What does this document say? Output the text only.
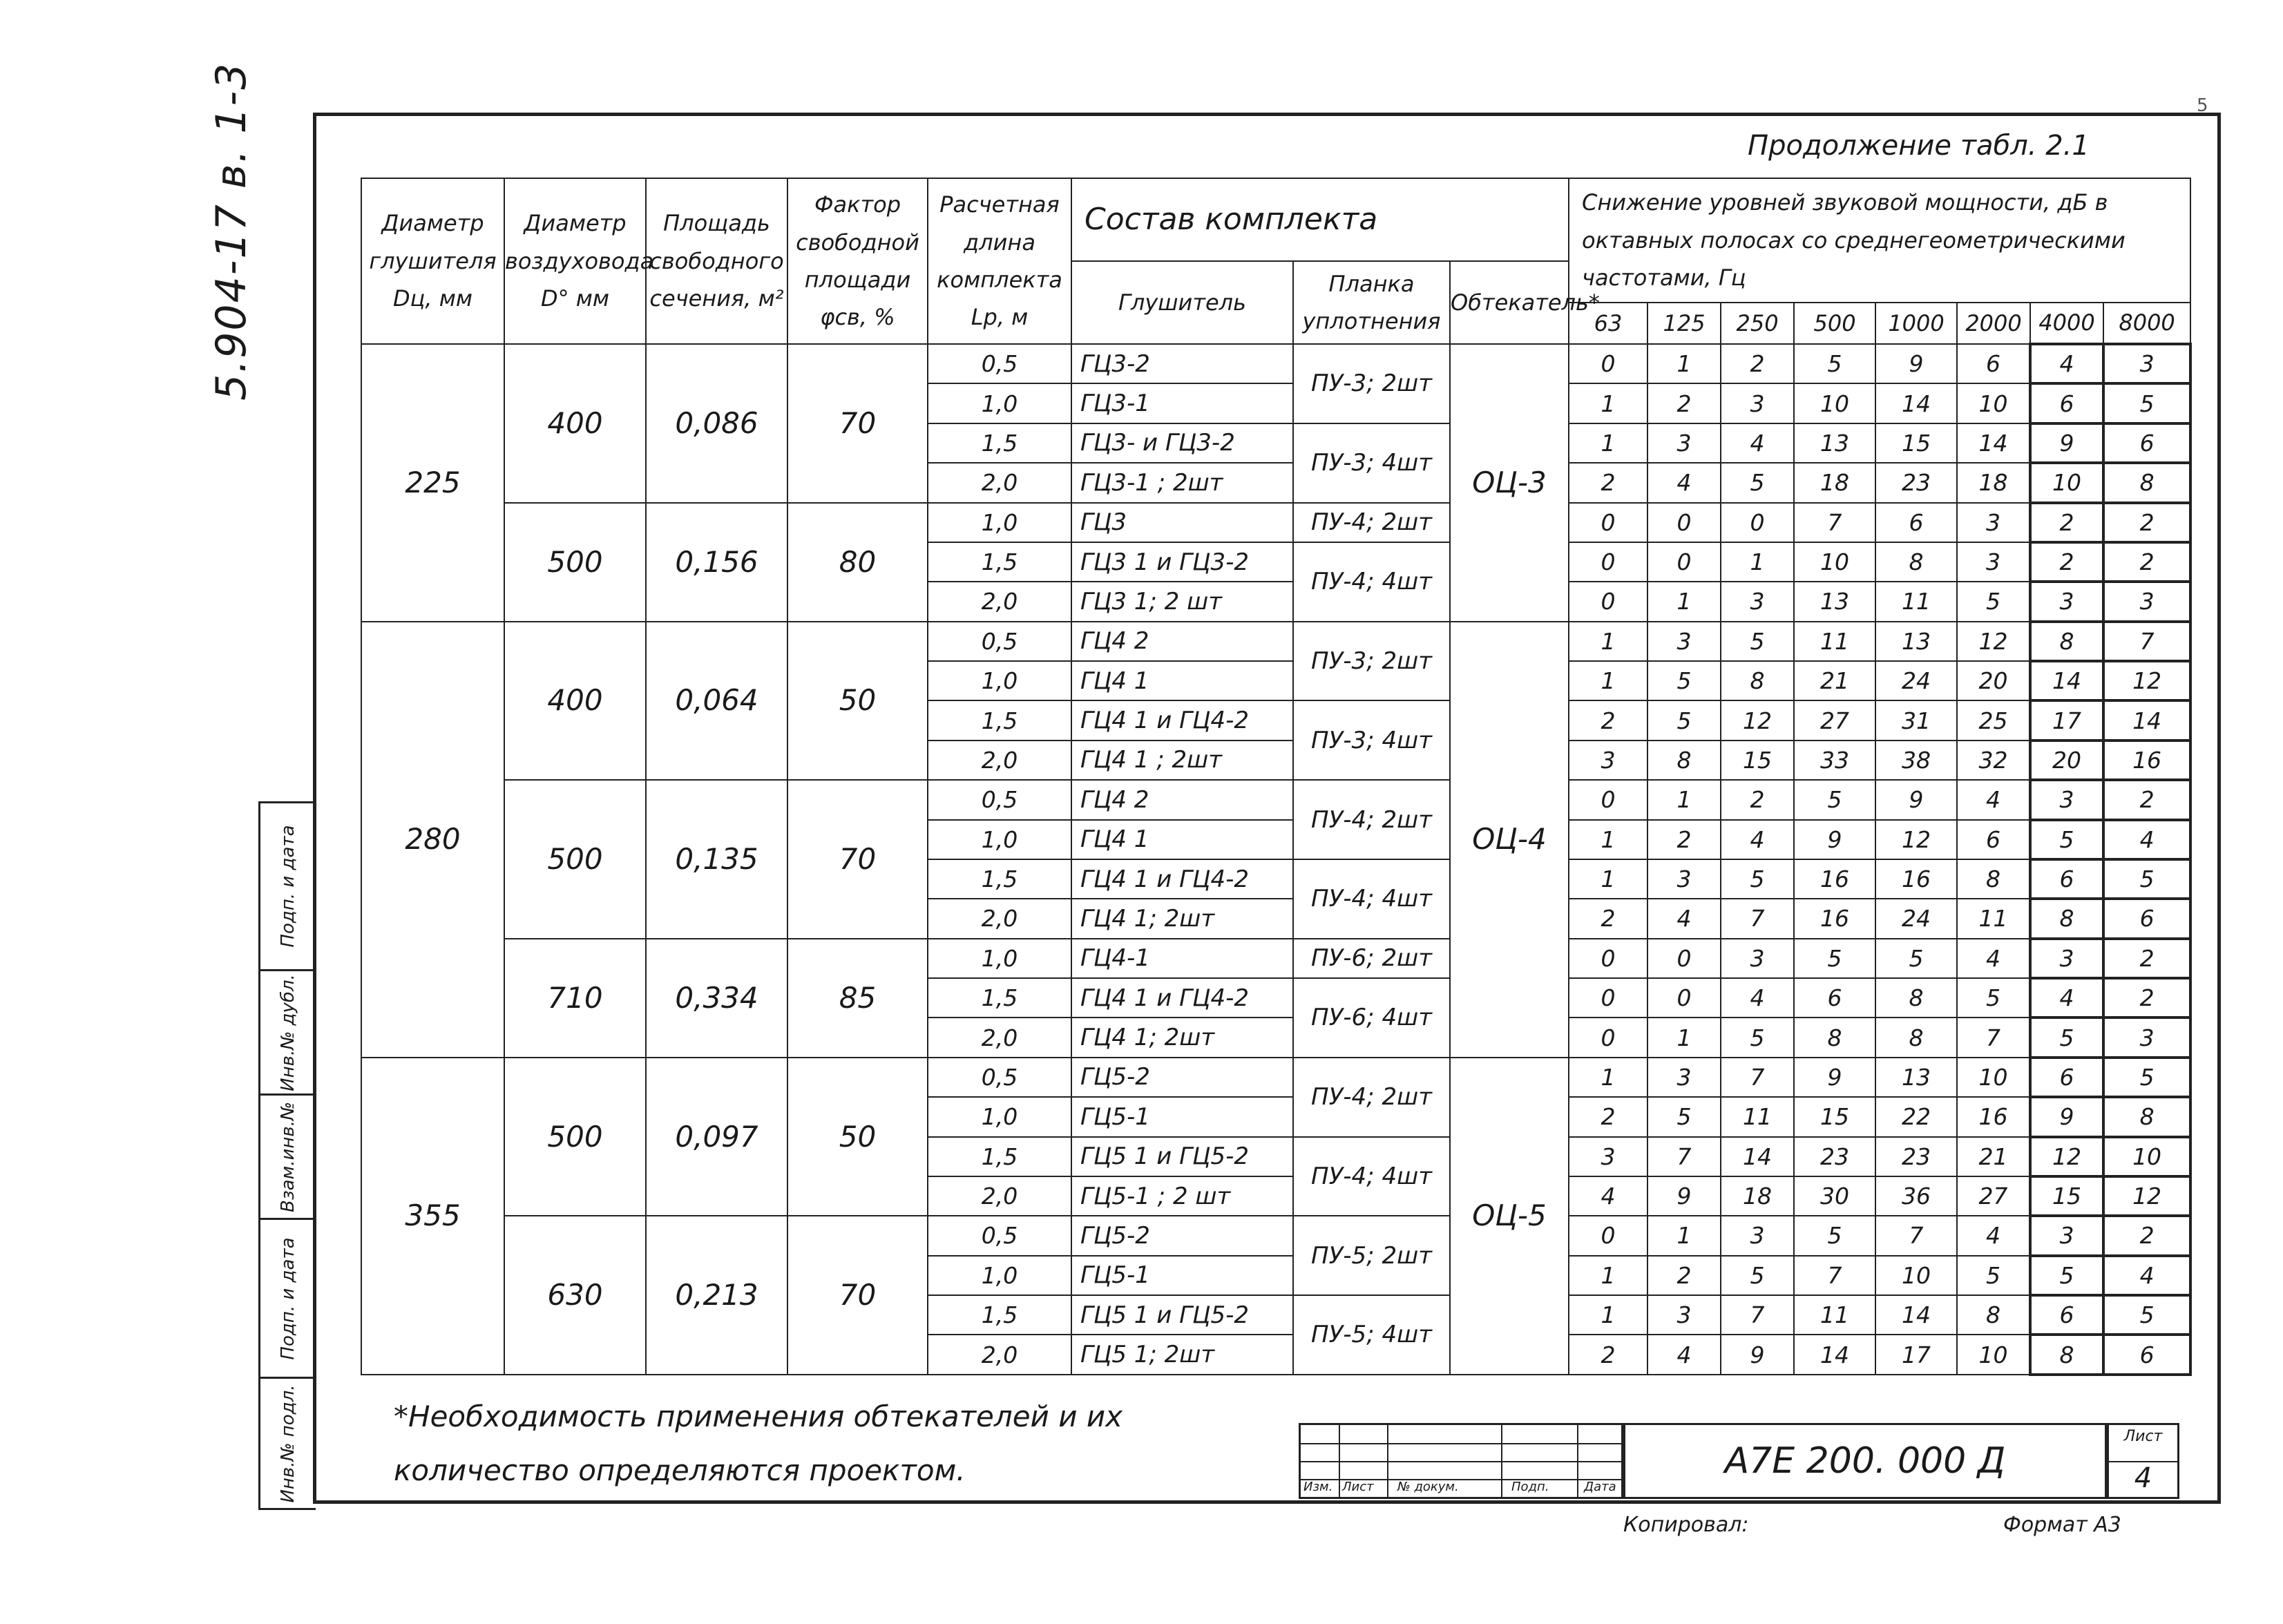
5
5.904-17 в. 1-3
Подп. и дата
Инв.№ дубл.
Взам.инв.№
Подп. и дата
Инв.№ подл.
Продолжение табл. 2.1
Диаметр глушителя Dц, мм	Диаметр воздуховода D° мм	Площадь свободного сечения, м²	Фактор свободной площади φсв, %	Расчетная длина комплекта Lр, м	Состав комплекта			Снижение уровней звуковой мощности, дБ в октавных полосах со среднегеометрическими частотами, Гц							
					Глушитель	Планка уплотнения	Обтекатель*								
								63	125	250	500	1000	2000	4000	8000
225	400	0,086	70	0,5	ГЦ3-2	ПУ-3; 2шт	ОЦ-3	0	1	2	5	9	6	4	3
				1,0	ГЦ3-1			1	2	3	10	14	10	6	5
				1,5	ГЦ3- и ГЦ3-2	ПУ-3; 4шт		1	3	4	13	15	14	9	6
				2,0	ГЦ3-1 ; 2шт			2	4	5	18	23	18	10	8
	500	0,156	80	1,0	ГЦ3	ПУ-4; 2шт		0	0	0	7	6	3	2	2
				1,5	ГЦ3 1 и ГЦ3-2	ПУ-4; 4шт		0	0	1	10	8	3	2	2
				2,0	ГЦ3 1; 2 шт			0	1	3	13	11	5	3	3
280	400	0,064	50	0,5	ГЦ4 2	ПУ-3; 2шт	ОЦ-4	1	3	5	11	13	12	8	7
				1,0	ГЦ4 1			1	5	8	21	24	20	14	12
				1,5	ГЦ4 1 и ГЦ4-2	ПУ-3; 4шт		2	5	12	27	31	25	17	14
				2,0	ГЦ4 1 ; 2шт			3	8	15	33	38	32	20	16
	500	0,135	70	0,5	ГЦ4 2	ПУ-4; 2шт		0	1	2	5	9	4	3	2
				1,0	ГЦ4 1			1	2	4	9	12	6	5	4
				1,5	ГЦ4 1 и ГЦ4-2	ПУ-4; 4шт		1	3	5	16	16	8	6	5
				2,0	ГЦ4 1; 2шт			2	4	7	16	24	11	8	6
	710	0,334	85	1,0	ГЦ4-1	ПУ-6; 2шт		0	0	3	5	5	4	3	2
				1,5	ГЦ4 1 и ГЦ4-2	ПУ-6; 4шт		0	0	4	6	8	5	4	2
				2,0	ГЦ4 1; 2шт			0	1	5	8	8	7	5	3
355	500	0,097	50	0,5	ГЦ5-2	ПУ-4; 2шт	ОЦ-5	1	3	7	9	13	10	6	5
				1,0	ГЦ5-1			2	5	11	15	22	16	9	8
				1,5	ГЦ5 1 и ГЦ5-2	ПУ-4; 4шт		3	7	14	23	23	21	12	10
				2,0	ГЦ5-1 ; 2 шт			4	9	18	30	36	27	15	12
	630	0,213	70	0,5	ГЦ5-2	ПУ-5; 2шт		0	1	3	5	7	4	3	2
				1,0	ГЦ5-1			1	2	5	7	10	5	5	4
				1,5	ГЦ5 1 и ГЦ5-2	ПУ-5; 4шт		1	3	7	11	14	8	6	5
				2,0	ГЦ5 1; 2шт			2	4	9	14	17	10	8	6
*Необходимость применения обтекателей и их
количество определяются проектом.	Изм. Лист № докум.	Подп.	Дата
А7Е 200. 000 Д
Лист
4
Копировал:	Формат А3
